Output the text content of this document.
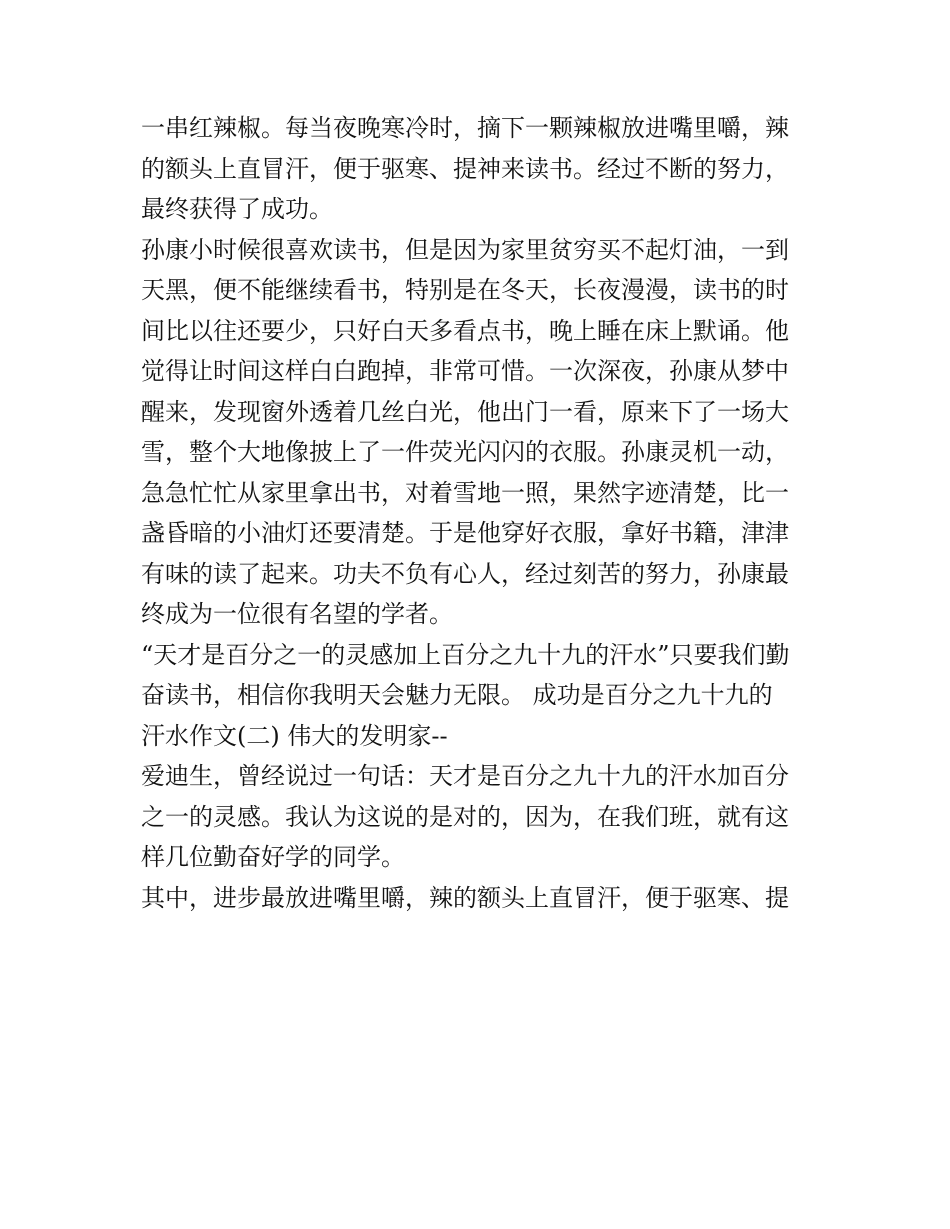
一串红辣椒。每当夜晚寒冷时，摘下一颗辣椒放进嘴里嚼，辣
的额头上直冒汗，便于驱寒、提神来读书。经过不断的努力，
最终获得了成功。
孙康小时候很喜欢读书，但是因为家里贫穷买不起灯油，一到
天黑，便不能继续看书，特别是在冬天，长夜漫漫，读书的时
间比以往还要少，只好白天多看点书，晚上睡在床上默诵。他
觉得让时间这样白白跑掉，非常可惜。一次深夜，孙康从梦中
醒来，发现窗外透着几丝白光，他出门一看，原来下了一场大
雪，整个大地像披上了一件荧光闪闪的衣服。孙康灵机一动，
急急忙忙从家里拿出书，对着雪地一照，果然字迹清楚，比一
盏昏暗的小油灯还要清楚。于是他穿好衣服，拿好书籍，津津
有味的读了起来。功夫不负有心人，经过刻苦的努力，孙康最
终成为一位很有名望的学者。
“天才是百分之一的灵感加上百分之九十九的汗水”只要我们勤
奋读书，相信你我明天会魅力无限。 成功是百分之九十九的
汗水作文(二) 伟大的发明家--
爱迪生，曾经说过一句话：天才是百分之九十九的汗水加百分
之一的灵感。我认为这说的是对的，因为，在我们班，就有这
样几位勤奋好学的同学。
其中，进步最放进嘴里嚼，辣的额头上直冒汗，便于驱寒、提
